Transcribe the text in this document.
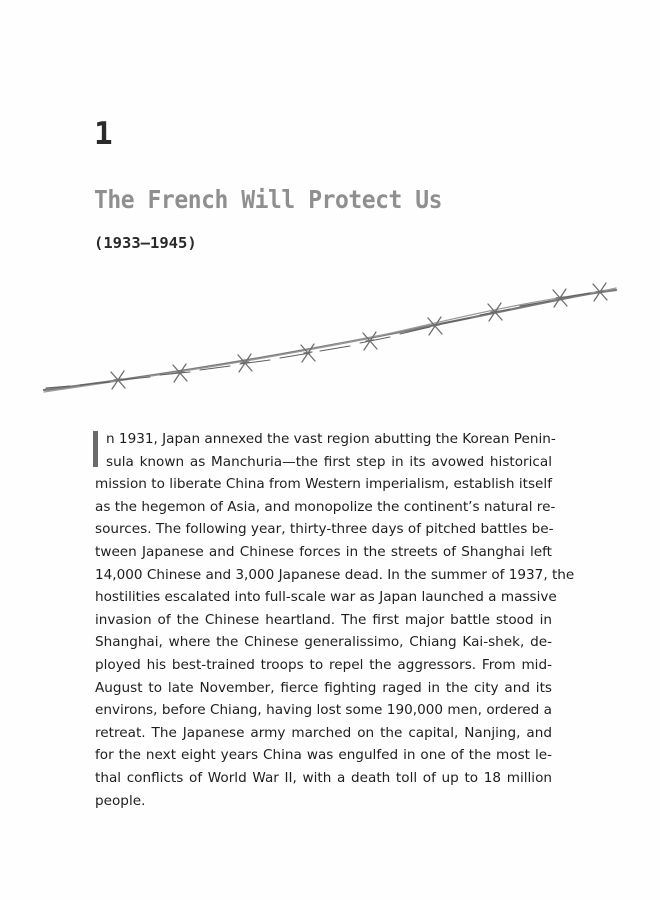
1
The French Will Protect Us
(1933–1945)
n 1931, Japan annexed the vast region abutting the Korean Penin-
sula known as Manchuria—the first step in its avowed historical
mission to liberate China from Western imperialism, establish itself
as the hegemon of Asia, and monopolize the continent’s natural re-
sources. The following year, thirty-three days of pitched battles be-
tween Japanese and Chinese forces in the streets of Shanghai left
14,000 Chinese and 3,000 Japanese dead. In the summer of 1937, the
hostilities escalated into full-scale war as Japan launched a massive
invasion of the Chinese heartland. The first major battle stood in
Shanghai, where the Chinese generalissimo, Chiang Kai-shek, de-
ployed his best-trained troops to repel the aggressors. From mid-
August to late November, fierce fighting raged in the city and its
environs, before Chiang, having lost some 190,000 men, ordered a
retreat. The Japanese army marched on the capital, Nanjing, and
for the next eight years China was engulfed in one of the most le-
thal conflicts of World War II, with a death toll of up to 18 million
people.
